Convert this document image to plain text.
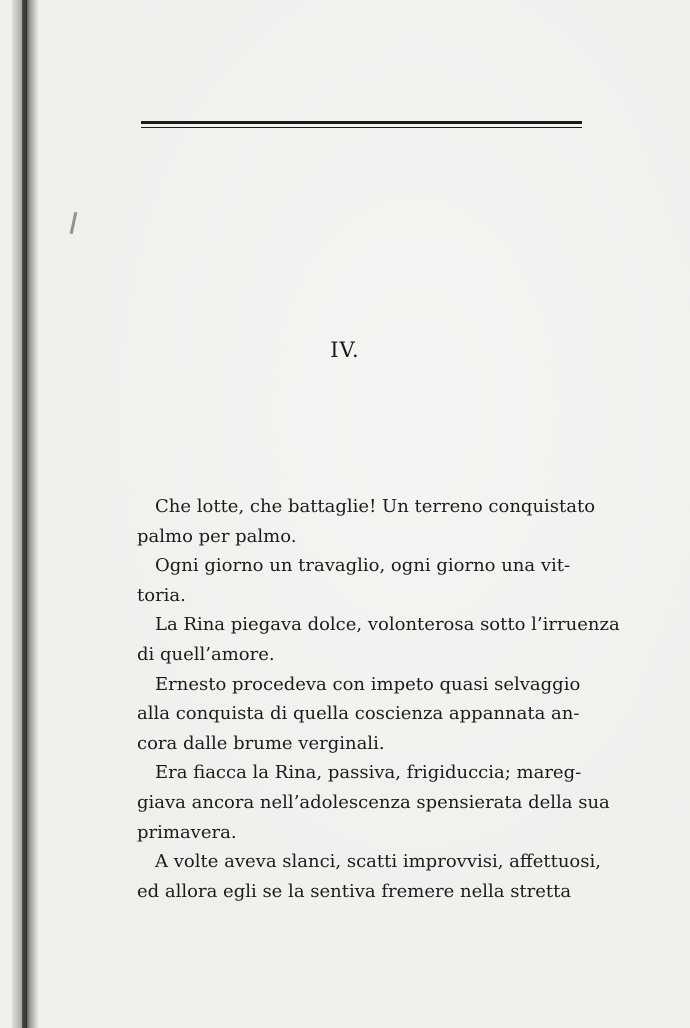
IV.
Che lotte, che battaglie! Un terreno conquistato
palmo per palmo.
Ogni giorno un travaglio, ogni giorno una vit-
toria.
La Rina piegava dolce, volonterosa sotto l’irruenza
di quell’amore.
Ernesto procedeva con impeto quasi selvaggio
alla conquista di quella coscienza appannata an-
cora dalle brume verginali.
Era fiacca la Rina, passiva, frigiduccia; mareg-
giava ancora nell’adolescenza spensierata della sua
primavera.
A volte aveva slanci, scatti improvvisi, affettuosi,
ed allora egli se la sentiva fremere nella stretta
